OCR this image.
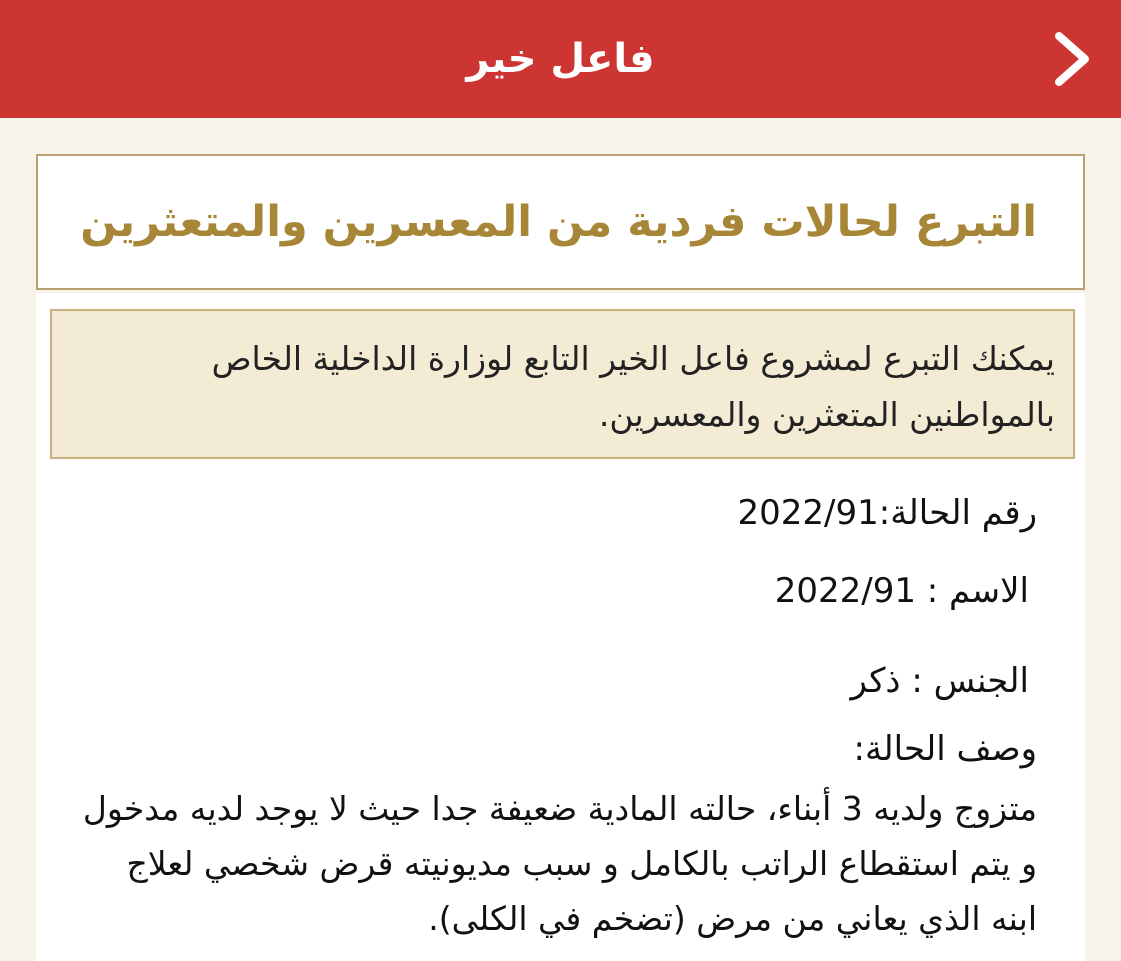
فاعل خير
التبرع لحالات فردية من المعسرين والمتعثرين
يمكنك التبرع لمشروع فاعل الخير التابع لوزارة الداخلية الخاص بالمواطنين المتعثرين والمعسرين.
رقم الحالة:2022/91
الاسم : 2022/91
الجنس : ذكر
وصف الحالة:
متزوج ولديه 3 أبناء، حالته المادية ضعيفة جدا حيث لا يوجد لديه مدخول و يتم استقطاع الراتب بالكامل و سبب مديونيته قرض شخصي لعلاج ابنه الذي يعاني من مرض (تضخم في الكلى).
